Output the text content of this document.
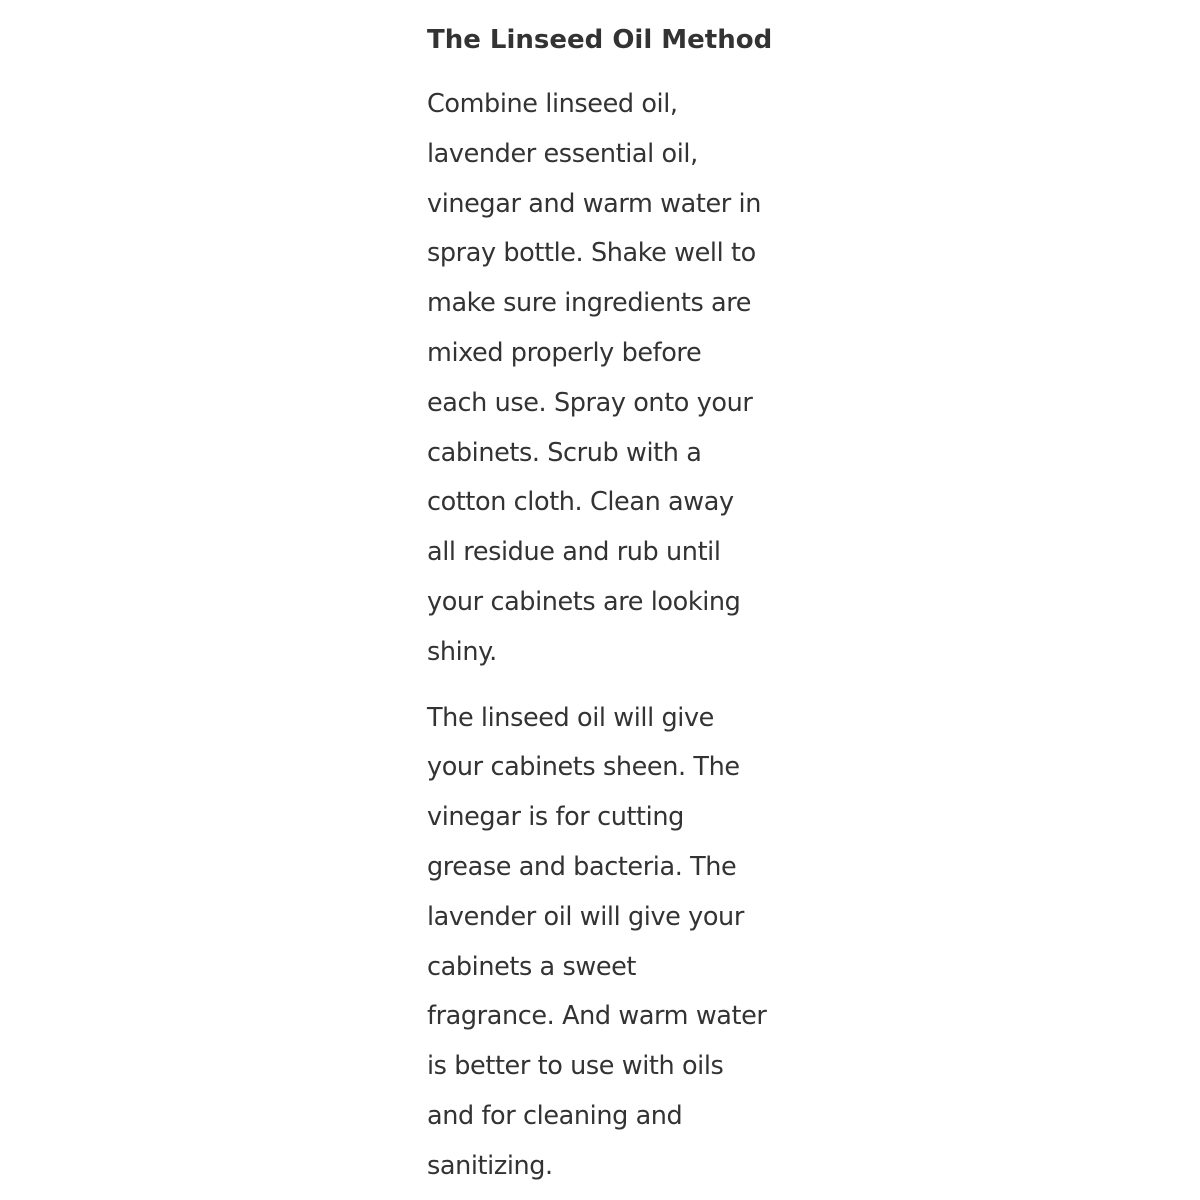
The Linseed Oil Method

Combine linseed oil,
lavender essential oil,
vinegar and warm water in
spray bottle. Shake well to
make sure ingredients are
mixed properly before
each use. Spray onto your
cabinets. Scrub with a
cotton cloth. Clean away
all residue and rub until
your cabinets are looking
shiny.

The linseed oil will give
your cabinets sheen. The
vinegar is for cutting
grease and bacteria. The
lavender oil will give your
cabinets a sweet
fragrance. And warm water
is better to use with oils
and for cleaning and
sanitizing.
